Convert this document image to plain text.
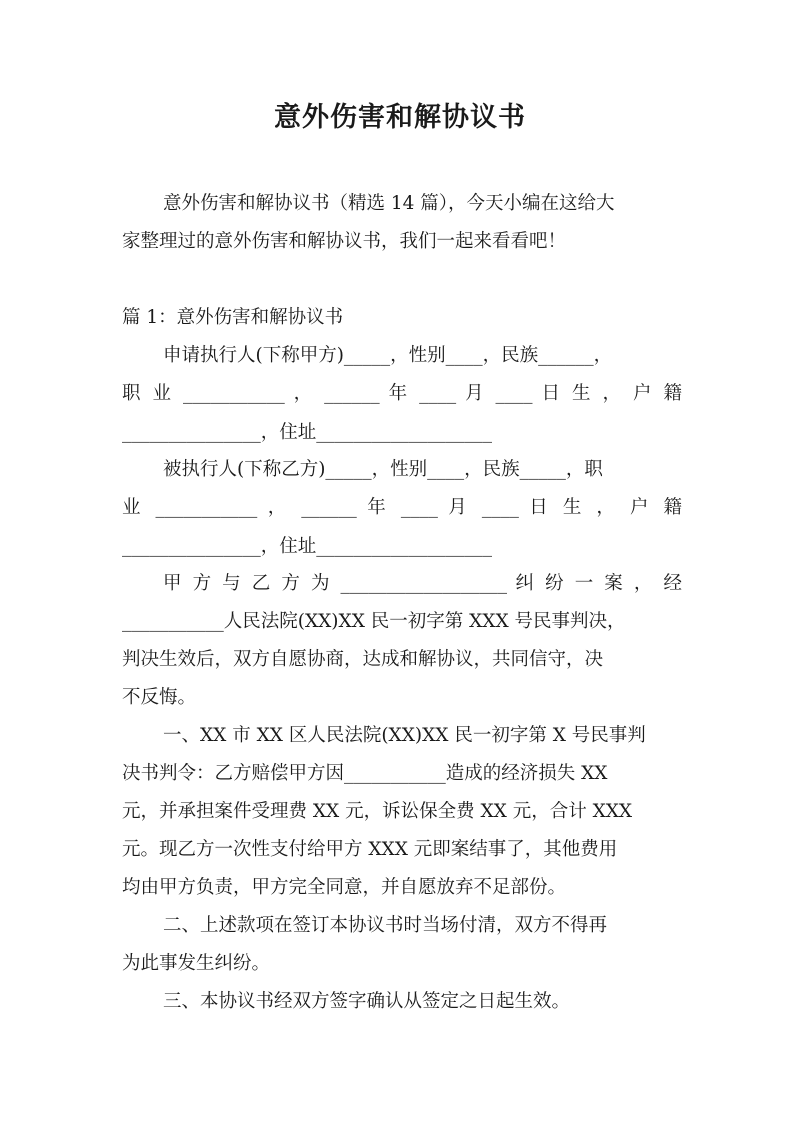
意外伤害和解协议书

意外伤害和解协议书（精选 14 篇），今天小编在这给大

家整理过的意外伤害和解协议书，我们一起来看看吧！

篇 1：意外伤害和解协议书

申请执行人(下称甲方)_____，性别____，民族______，

职 业 ___________ ， ______ 年 ____ 月 ____ 日 生 ， 户 籍

_______________，住址___________________

被执行人(下称乙方)_____，性别____，民族_____，职

业 ___________ ， ______ 年 ____ 月 ____ 日 生 ， 户 籍

_______________，住址___________________

甲 方 与 乙 方 为 __________________ 纠 纷 一 案 ， 经

___________人民法院(XX)XX 民一初字第 XXX 号民事判决，

判决生效后，双方自愿协商，达成和解协议，共同信守，决

不反悔。

一、XX 市 XX 区人民法院(XX)XX 民一初字第 X 号民事判

决书判令：乙方赔偿甲方因___________造成的经济损失 XX

元，并承担案件受理费 XX 元，诉讼保全费 XX 元，合计 XXX

元。现乙方一次性支付给甲方 XXX 元即案结事了，其他费用

均由甲方负责，甲方完全同意，并自愿放弃不足部份。

二、上述款项在签订本协议书时当场付清，双方不得再

为此事发生纠纷。

三、本协议书经双方签字确认从签定之日起生效。
